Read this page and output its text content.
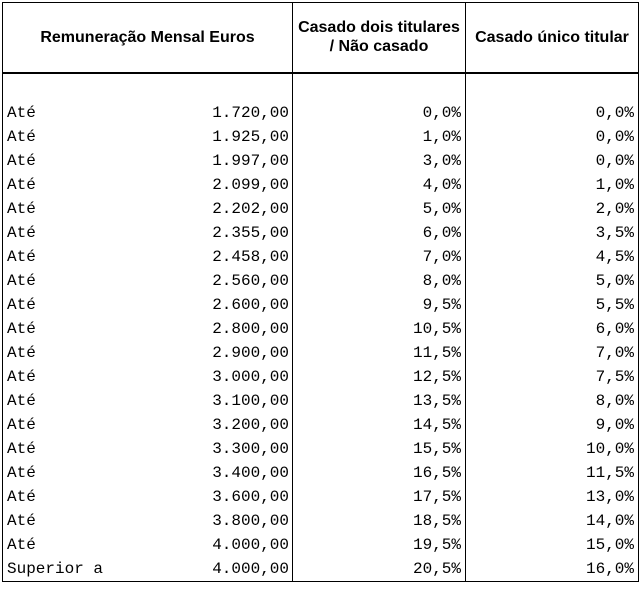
Remuneração Mensal Euros	Casado dois titulares / Não casado	Casado único titular

Até 1.720,00	0,0%	0,0%

Até 1.925,00	1,0%	0,0%

Até 1.997,00	3,0%	0,0%

Até 2.099,00	4,0%	1,0%

Até 2.202,00	5,0%	2,0%

Até 2.355,00	6,0%	3,5%

Até 2.458,00	7,0%	4,5%

Até 2.560,00	8,0%	5,0%

Até 2.600,00	9,5%	5,5%

Até 2.800,00	10,5%	6,0%

Até 2.900,00	11,5%	7,0%

Até 3.000,00	12,5%	7,5%

Até 3.100,00	13,5%	8,0%

Até 3.200,00	14,5%	9,0%

Até 3.300,00	15,5%	10,0%

Até 3.400,00	16,5%	11,5%

Até 3.600,00	17,5%	13,0%

Até 3.800,00	18,5%	14,0%

Até 4.000,00	19,5%	15,0%

Superior a 4.000,00	20,5%	16,0%
